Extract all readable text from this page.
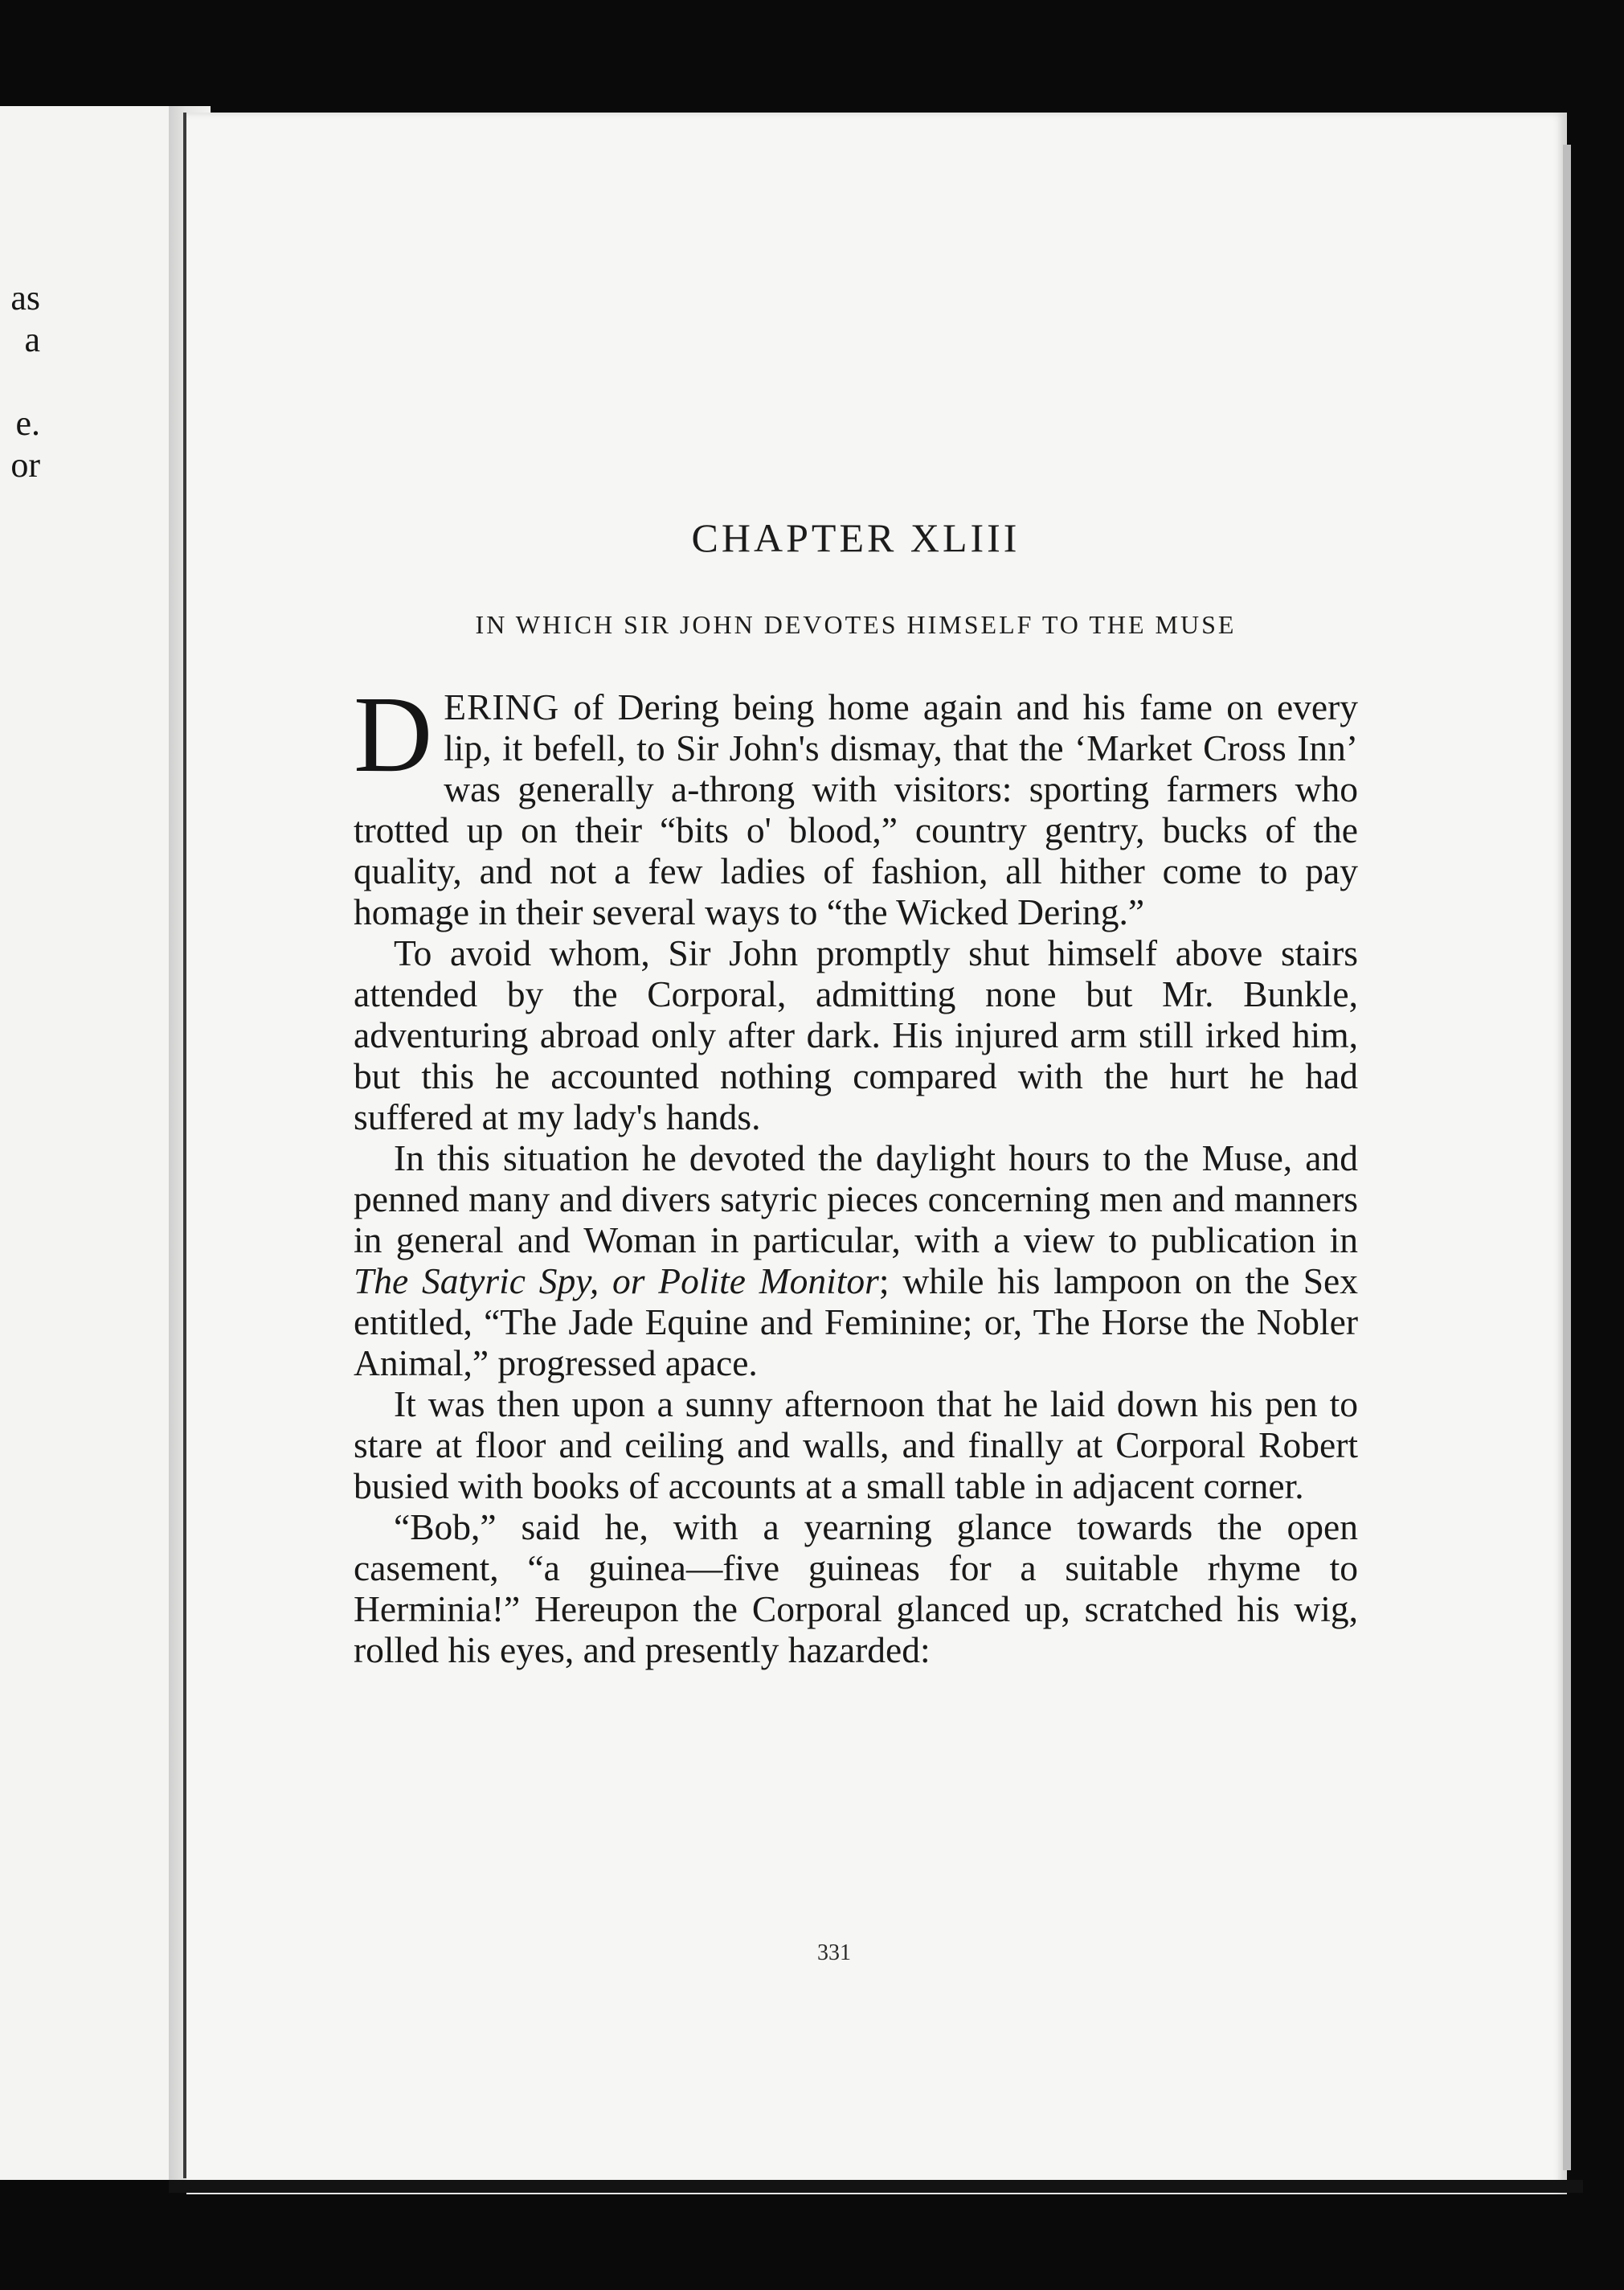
as
a
e.
or
CHAPTER XLIII
IN WHICH SIR JOHN DEVOTES HIMSELF TO THE MUSE

DERING of Dering being home again and his fame on every lip, it befell, to Sir John's dismay, that the ‘Market Cross Inn’ was generally a-throng with visitors: sporting farmers who trotted up on their “bits o' blood,” country gentry, bucks of the quality, and not a few ladies of fashion, all hither come to pay homage in their several ways to “the Wicked Dering.”

To avoid whom, Sir John promptly shut himself above stairs attended by the Corporal, admitting none but Mr. Bunkle, adventuring abroad only after dark. His injured arm still irked him, but this he accounted nothing compared with the hurt he had suffered at my lady's hands.

In this situation he devoted the daylight hours to the Muse, and penned many and divers satyric pieces concerning men and manners in general and Woman in particular, with a view to publication in The Satyric Spy, or Polite Monitor; while his lampoon on the Sex entitled, “The Jade Equine and Feminine; or, The Horse the Nobler Animal,” progressed apace.

It was then upon a sunny afternoon that he laid down his pen to stare at floor and ceiling and walls, and finally at Corporal Robert busied with books of accounts at a small table in adjacent corner.

“Bob,” said he, with a yearning glance towards the open casement, “a guinea—five guineas for a suitable rhyme to Herminia!” Hereupon the Corporal glanced up, scratched his wig, rolled his eyes, and presently hazarded:

331
